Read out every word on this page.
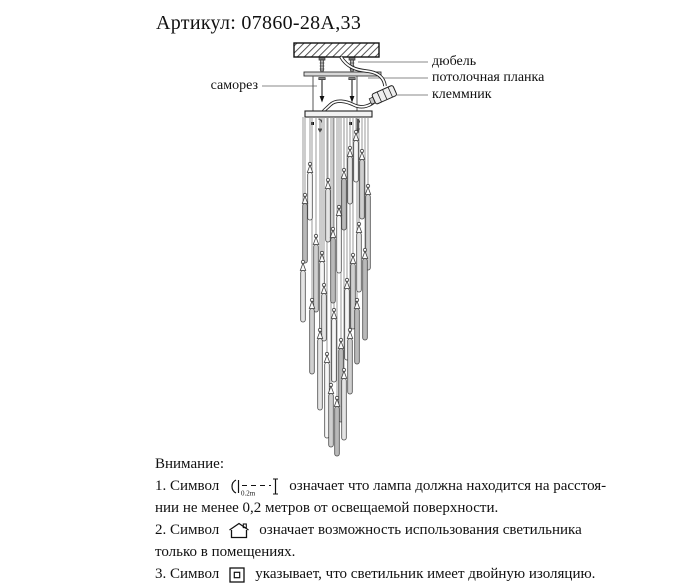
Артикул: 07860-28A,33
саморез
дюбель
потолочная планка
клеммник
Внимание:
1. Символ	0.2m означает что лампа должна находится на расстоя-
нии не менее 0,2 метров от освещаемой поверхности.
2. Символ	означает возможность использования светильника
только в помещениях.
3. Символ указывает, что светильник имеет двойную изоляцию.
